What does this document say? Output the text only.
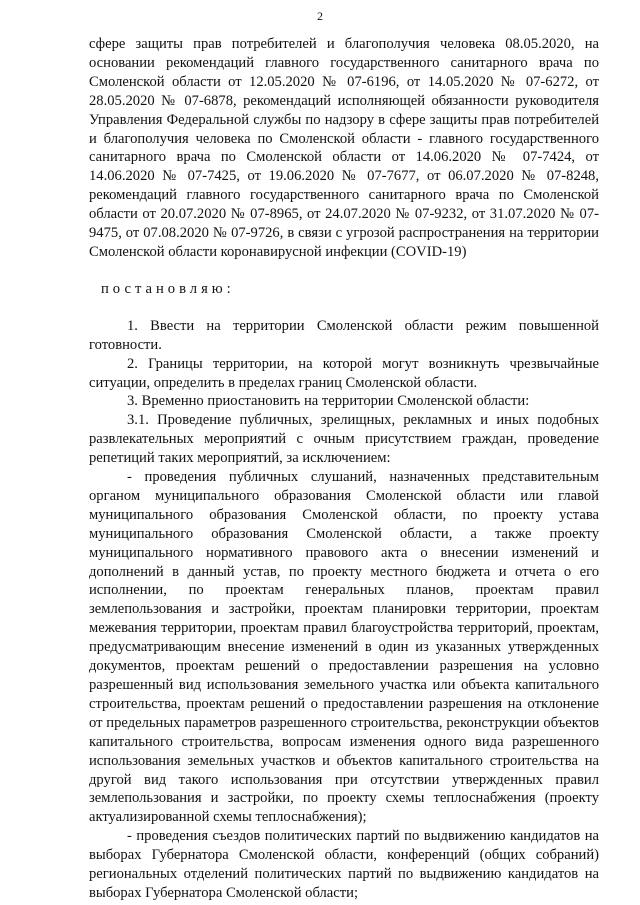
2

сфере защиты прав потребителей и благополучия человека 08.05.2020, на основании рекомендаций главного государственного санитарного врача по Смоленской области от 12.05.2020 № 07-6196, от 14.05.2020 № 07-6272, от 28.05.2020 № 07-6878, рекомендаций исполняющей обязанности руководителя Управления Федеральной службы по надзору в сфере защиты прав потребителей и благополучия человека по Смоленской области - главного государственного санитарного врача по Смоленской области от 14.06.2020 № 07-7424, от 14.06.2020 № 07-7425, от 19.06.2020 № 07-7677, от 06.07.2020 № 07-8248, рекомендаций главного государственного санитарного врача по Смоленской области от 20.07.2020 № 07-8965, от 24.07.2020 № 07-9232, от 31.07.2020 № 07-9475, от 07.08.2020 № 07-9726, в связи с угрозой распространения на территории Смоленской области коронавирусной инфекции (COVID-19)

постановляю:

1. Ввести на территории Смоленской области режим повышенной готовности.

2. Границы территории, на которой могут возникнуть чрезвычайные ситуации, определить в пределах границ Смоленской области.

3. Временно приостановить на территории Смоленской области:

3.1. Проведение публичных, зрелищных, рекламных и иных подобных развлекательных мероприятий с очным присутствием граждан, проведение репетиций таких мероприятий, за исключением:

- проведения публичных слушаний, назначенных представительным органом муниципального образования Смоленской области или главой муниципального образования Смоленской области, по проекту устава муниципального образования Смоленской области, а также проекту муниципального нормативного правового акта о внесении изменений и дополнений в данный устав, по проекту местного бюджета и отчета о его исполнении, по проектам генеральных планов, проектам правил землепользования и застройки, проектам планировки территории, проектам межевания территории, проектам правил благоустройства территорий, проектам, предусматривающим внесение изменений в один из указанных утвержденных документов, проектам решений о предоставлении разрешения на условно разрешенный вид использования земельного участка или объекта капитального строительства, проектам решений о предоставлении разрешения на отклонение от предельных параметров разрешенного строительства, реконструкции объектов капитального строительства, вопросам изменения одного вида разрешенного использования земельных участков и объектов капитального строительства на другой вид такого использования при отсутствии утвержденных правил землепользования и застройки, по проекту схемы теплоснабжения (проекту актуализированной схемы теплоснабжения);

- проведения съездов политических партий по выдвижению кандидатов на выборах Губернатора Смоленской области, конференций (общих собраний) региональных отделений политических партий по выдвижению кандидатов на выборах Губернатора Смоленской области;
